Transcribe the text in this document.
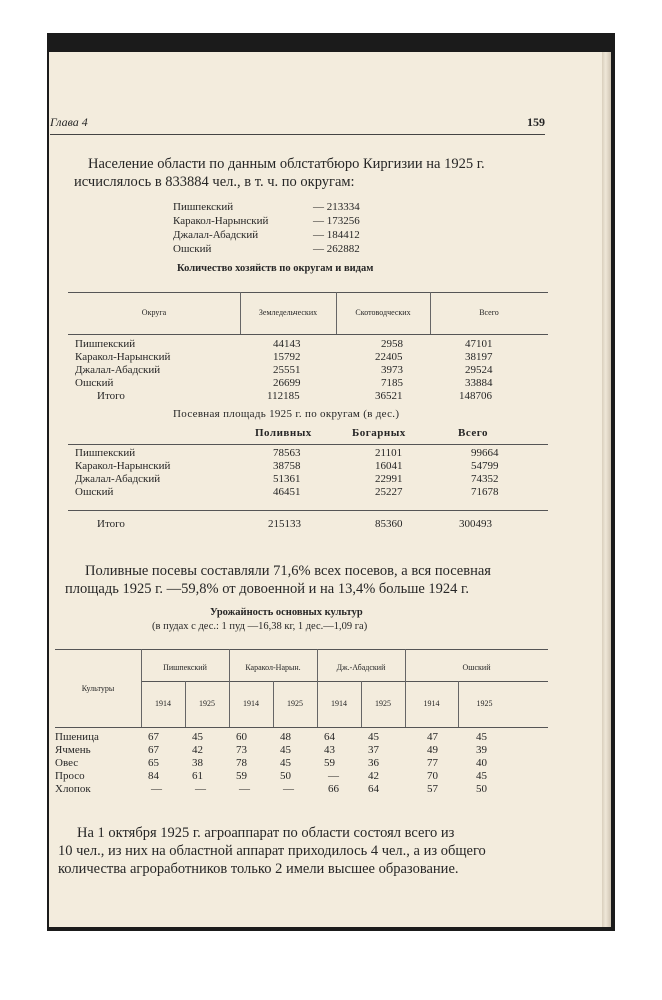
Глава 4	159
Население области по данным облстатбюро Киргизии на 1925 г.
исчислялось в 833884 чел., в т. ч. по округам:
Пишпекский	— 213334
Каракол-Нарынский	— 173256
Джалал-Абадский	— 184412
Ошский	— 262882
Количество хозяйств по округам и видам
Округа	Земледельческих	Скотоводческих	Всего
Пишпекский	44143	2958	47101
Каракол-Нарынский	15792	22405	38197
Джалал-Абадский	25551	3973	29524
Ошский	26699	7185	33884
Итого	112185	36521	148706
Посевная площадь 1925 г. по округам (в дес.)
Поливных	Богарных	Всего
Пишпекский	78563	21101	99664
Каракол-Нарынский	38758	16041	54799
Джалал-Абадский	51361	22991	74352
Ошский	46451	25227	71678
Итого	215133	85360	300493
Поливные посевы составляли 71,6% всех посевов, а вся посевная
площадь 1925 г. —59,8% от довоенной и на 13,4% больше 1924 г.
Урожайность основных культур
(в пудах с дес.: 1 пуд —16,38 кг, 1 дес.—1,09 га)
Культуры
Пишпекский	Каракол-Нарын.	Дж.-Абадский	Ошский
1914	1925	1914	1925	1914	1925	1914	1925
Пшеница	67	45	60	48	64	45	47	45
Ячмень	67	42	73	45	43	37	49	39
Овес	65	38	78	45	59	36	77	40
Просо	84	61	59	50	—	42	70	45
Хлопок	—	—	—	—	66	64	57	50
На 1 октября 1925 г. агроаппарат по области состоял всего из
10 чел., из них на областной аппарат приходилось 4 чел., а из общего
количества агроработников только 2 имели высшее образование.
